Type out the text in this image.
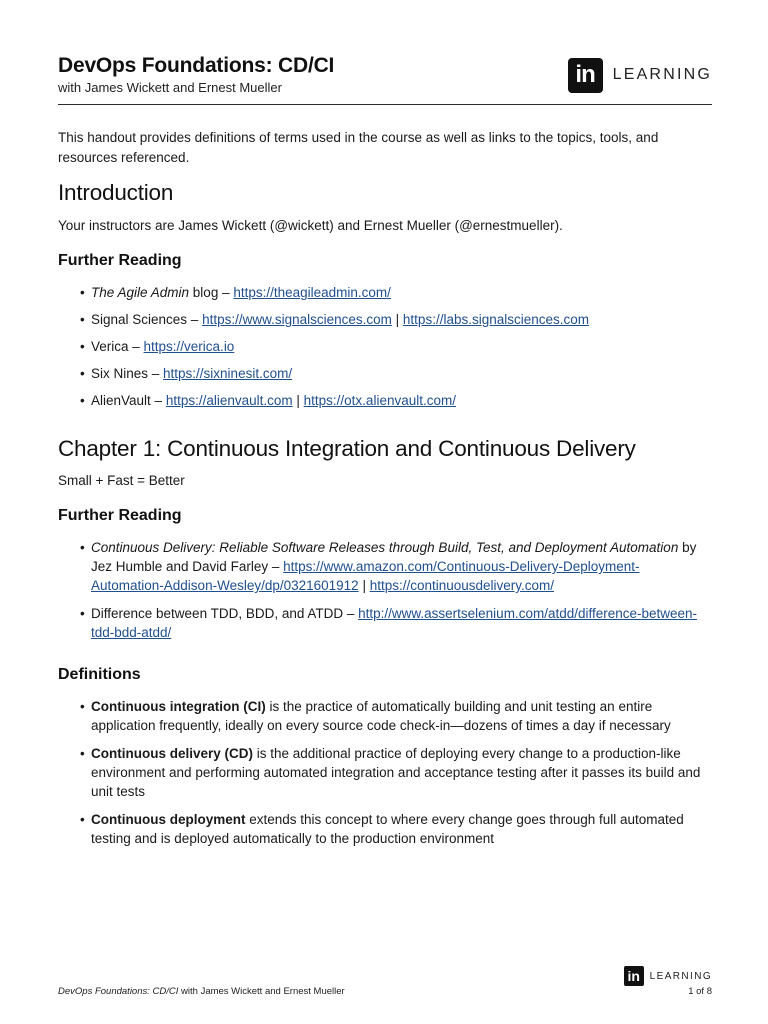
DevOps Foundations: CD/CI
with James Wickett and Ernest Mueller	in	LEARNING

This handout provides definitions of terms used in the course as well as links to the topics, tools, and resources referenced.

Introduction

Your instructors are James Wickett (@wickett) and Ernest Mueller (@ernestmueller).

Further Reading
• The Agile Admin blog – https://theagileadmin.com/
• Signal Sciences – https://www.signalsciences.com | https://labs.signalsciences.com
• Verica – https://verica.io
• Six Nines – https://sixninesit.com/
• AlienVault – https://alienvault.com | https://otx.alienvault.com/
Chapter 1: Continuous Integration and Continuous Delivery

Small + Fast = Better

Further Reading
• Continuous Delivery: Reliable Software Releases through Build, Test, and Deployment Automation by Jez Humble and David Farley – https://www.amazon.com/Continuous-Delivery-Deployment-Automation-Addison-Wesley/dp/0321601912 | https://continuousdelivery.com/
• Difference between TDD, BDD, and ATDD – http://www.assertselenium.com/atdd/difference-between-tdd-bdd-atdd/
Definitions
• Continuous integration (CI) is the practice of automatically building and unit testing an entire application frequently, ideally on every source code check-in—dozens of times a day if necessary
• Continuous delivery (CD) is the additional practice of deploying every change to a production-like environment and performing automated integration and acceptance testing after it passes its build and unit tests
• Continuous deployment extends this concept to where every change goes through full automated testing and is deployed automatically to the production environment
in LEARNING
DevOps Foundations: CD/CI with James Wickett and Ernest Mueller	1 of 8
